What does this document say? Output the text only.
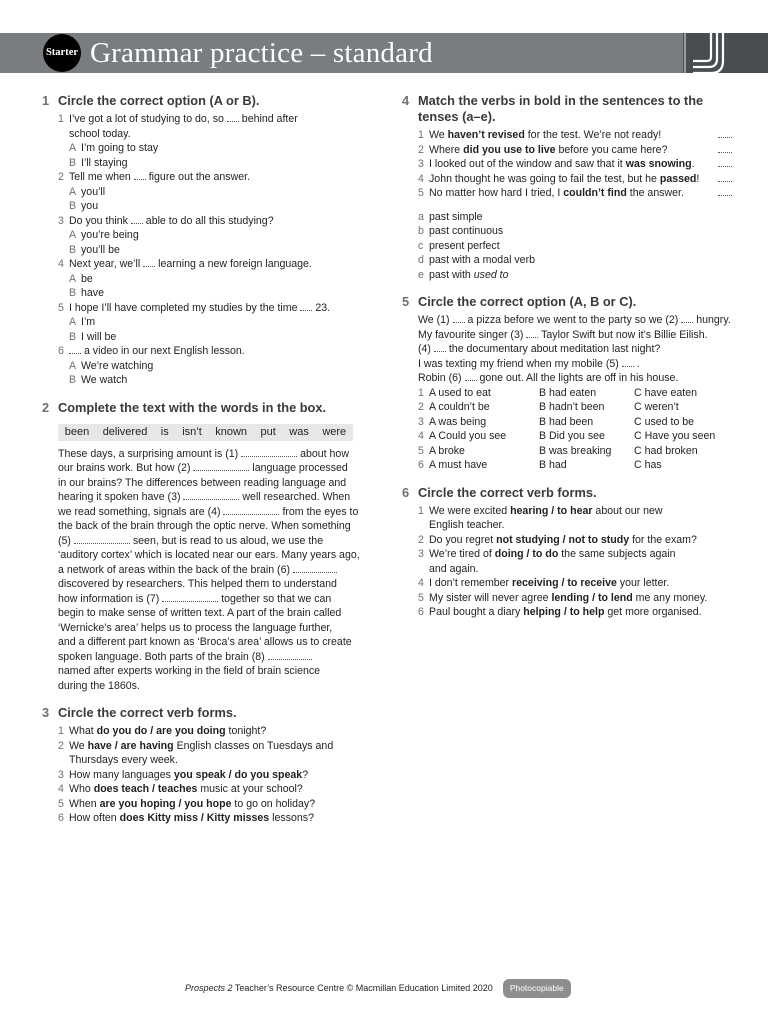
Starter Grammar practice – standard
1 Circle the correct option (A or B).
1 I’ve got a lot of studying to do, so behind after
school today.
A I’m going to stay
B I’ll staying
2 Tell me when figure out the answer.
A you’ll
B you
3 Do you think able to do all this studying?
A you’re being
B you’ll be
4 Next year, we’ll learning a new foreign language.
A be
B have
5 I hope I’ll have completed my studies by the time 23.
A I’m
B I will be
6	a video in our next English lesson.
A We’re watching
B We watch
2 Complete the text with the words in the box.
been delivered is isn’t known put was were
These days, a surprising amount is (1)	about how
our brains work. But how (2)	language processed
in our brains? The differences between reading language and
hearing it spoken have (3)	well researched. When
we read something, signals are (4)	from the eyes to
the back of the brain through the optic nerve. When something
(5)	seen, but is read to us aloud, we use the
‘auditory cortex’ which is located near our ears. Many years ago,
a network of areas within the back of the brain (6)
discovered by researchers. This helped them to understand
how information is (7)	together so that we can
begin to make sense of written text. A part of the brain called
‘Wernicke’s area’ helps us to process the language further,
and a different part known as ‘Broca’s area’ allows us to create
spoken language. Both parts of the brain (8)
named after experts working in the field of brain science
during the 1860s.
3 Circle the correct verb forms.
1 What do you do / are you doing tonight?
2 We have / are having English classes on Tuesdays and
Thursdays every week.
3 How many languages you speak / do you speak?
4 Who does teach / teaches music at your school?
5 When are you hoping / you hope to go on holiday?
6 How often does Kitty miss / Kitty misses lessons?
4 Match the verbs in bold in the sentences to the
tenses (a–e).
1 We haven’t revised for the test. We’re not ready!
2 Where did you use to live before you came here?
3 I looked out of the window and saw that it was snowing.
4 John thought he was going to fail the test, but he passed!
5 No matter how hard I tried, I couldn’t find the answer.
a past simple
b past continuous
c present perfect
d past with a modal verb
e past with used to
5 Circle the correct option (A, B or C).
We (1) a pizza before we went to the party so we (2) hungry.
My favourite singer (3) Taylor Swift but now it’s Billie Eilish.
(4) the documentary about meditation last night?
I was texting my friend when my mobile (5) .
Robin (6) gone out. All the lights are off in his house.
1 A used to eat	B had eaten	C have eaten
2 A couldn’t be	B hadn’t been	C weren’t
3 A was being	B had been	C used to be
4 A Could you see	B Did you see	C Have you seen
5 A broke	B was breaking	C had broken
6 A must have	B had	C has
6 Circle the correct verb forms.
1 We were excited hearing / to hear about our new
English teacher.
2 Do you regret not studying / not to study for the exam?
3 We’re tired of doing / to do the same subjects again
and again.
4 I don’t remember receiving / to receive your letter.
5 My sister will never agree lending / to lend me any money.
6 Paul bought a diary helping / to help get more organised.
Prospects 2 Teacher’s Resource Centre © Macmillan Education Limited 2020	Photocopiable
